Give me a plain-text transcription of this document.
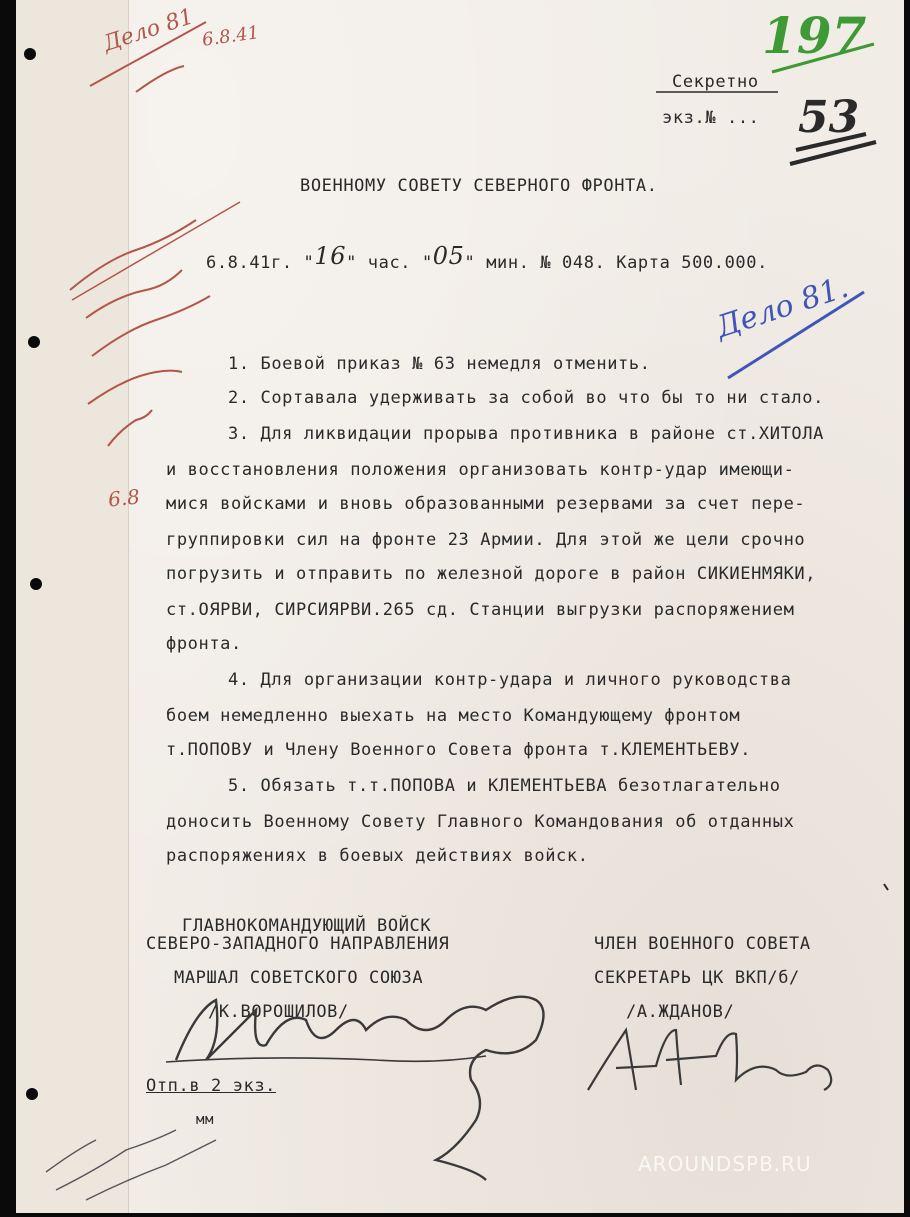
Секретно
экз.№ ... 53
197
ВОЕННОМУ СОВЕТУ СЕВЕРНОГО ФРОНТА.
6.8.41г. "16" час. "05" мин. № 048. Карта 500.000.
1. Боевой приказ № 63 немедля отменить.
2. Сортавала удерживать за собой во что бы то ни стало.
3. Для ликвидации прорыва противника в районе ст.ХИТОЛА
и восстановления положения организовать контр-удар имеющи-
мися войсками и вновь образованными резервами за счет пере-
группировки сил на фронте 23 Армии. Для этой же цели срочно
погрузить и отправить по железной дороге в район СИКИЕНМЯКИ,
ст.ОЯРВИ, СИРСИЯРВИ.265 сд. Станции выгрузки распоряжением
фронта.
4. Для организации контр-удара и личного руководства
боем немедленно выехать на место Командующему фронтом
т.ПОПОВУ и Члену Военного Совета фронта т.КЛЕМЕНТЬЕВУ.
5. Обязать т.т.ПОПОВА и КЛЕМЕНТЬЕВА безотлагательно
доносить Военному Совету Главного Командования об отданных
распоряжениях в боевых действиях войск.
ГЛАВНОКОМАНДУЮЩИЙ ВОЙСК
СЕВЕРО-ЗАПАДНОГО НАПРАВЛЕНИЯ
МАРШАЛ СОВЕТСКОГО СОЮЗА
/К.ВОРОШИЛОВ/
ЧЛЕН ВОЕННОГО СОВЕТА
СЕКРЕТАРЬ ЦК ВКП/б/
/А.ЖДАНОВ/
Отп.в 2 экз.
мм
Дело 81 6.8.41
Дело 81.
6.8
AROUNDSPB.RU
